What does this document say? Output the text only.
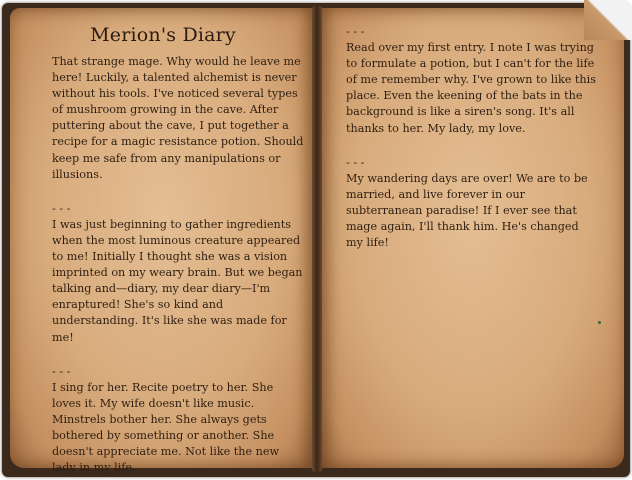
Merion's Diary

That strange mage. Why would he leave me here! Luckily, a talented alchemist is never without his tools. I've noticed several types of mushroom growing in the cave. After puttering about the cave, I put together a recipe for a magic resistance potion. Should keep me safe from any manipulations or illusions.

- - -

I was just beginning to gather ingredients when the most luminous creature appeared to me! Initially I thought she was a vision imprinted on my weary brain. But we began talking and—diary, my dear diary—I'm enraptured! She's so kind and understanding. It's like she was made for me!

- - -

I sing for her. Recite poetry to her. She loves it. My wife doesn't like music. Minstrels bother her. She always gets bothered by something or another. She doesn't appreciate me. Not like the new lady in my life.

- - -

Read over my first entry. I note I was trying to formulate a potion, but I can't for the life of me remember why. I've grown to like this place. Even the keening of the bats in the background is like a siren's song. It's all thanks to her. My lady, my love.

- - -

My wandering days are over! We are to be married, and live forever in our subterranean paradise! If I ever see that mage again, I'll thank him. He's changed my life!
